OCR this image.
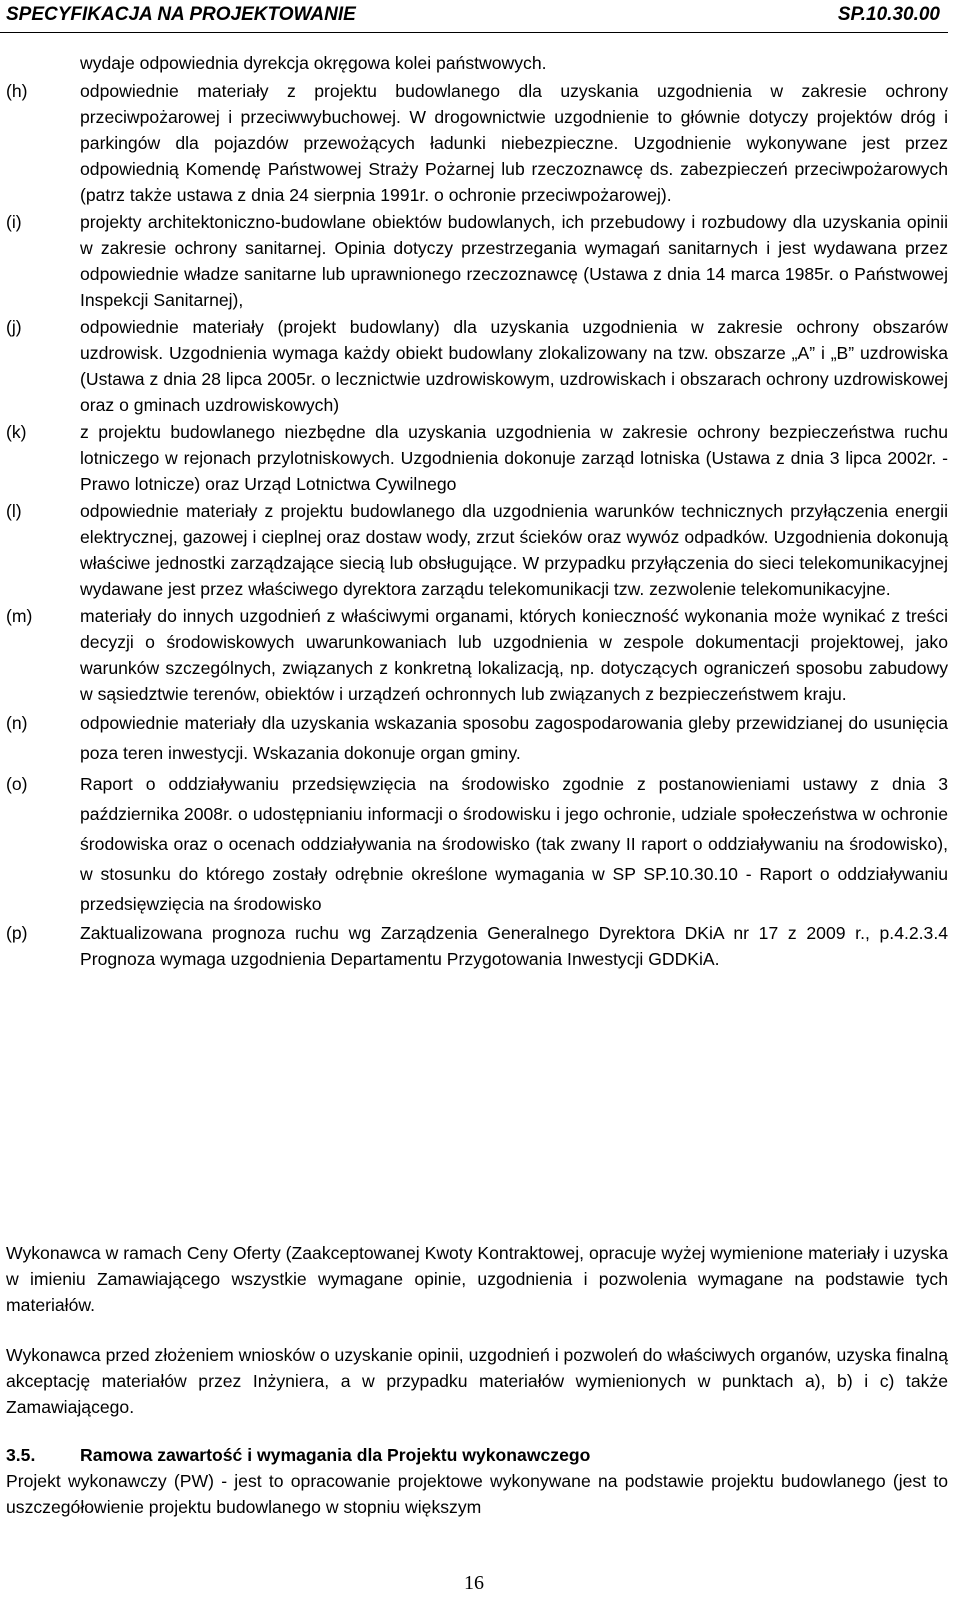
SPECYFIKACJA NA PROJEKTOWANIE	SP.10.30.00
wydaje odpowiednia dyrekcja okręgowa kolei państwowych.
(h)	odpowiednie materiały z projektu budowlanego dla uzyskania uzgodnienia w zakresie ochrony przeciwpożarowej i przeciwwybuchowej. W drogownictwie uzgodnienie to głównie dotyczy projektów dróg i parkingów dla pojazdów przewożących ładunki niebezpieczne. Uzgodnienie wykonywane jest przez odpowiednią Komendę Państwowej Straży Pożarnej lub rzeczoznawcę ds. zabezpieczeń przeciwpożarowych (patrz także ustawa z dnia 24 sierpnia 1991r. o ochronie przeciwpożarowej).
(i)	projekty architektoniczno-budowlane obiektów budowlanych, ich przebudowy i rozbudowy dla uzyskania opinii w zakresie ochrony sanitarnej. Opinia dotyczy przestrzegania wymagań sanitarnych i jest wydawana przez odpowiednie władze sanitarne lub uprawnionego rzeczoznawcę (Ustawa z dnia 14 marca 1985r. o Państwowej Inspekcji Sanitarnej),
(j)	odpowiednie materiały (projekt budowlany) dla uzyskania uzgodnienia w zakresie ochrony obszarów uzdrowisk. Uzgodnienia wymaga każdy obiekt budowlany zlokalizowany na tzw. obszarze „A” i „B” uzdrowiska (Ustawa z dnia 28 lipca 2005r. o lecznictwie uzdrowiskowym, uzdrowiskach i obszarach ochrony uzdrowiskowej oraz o gminach uzdrowiskowych)
(k)	z projektu budowlanego niezbędne dla uzyskania uzgodnienia w zakresie ochrony bezpieczeństwa ruchu lotniczego w rejonach przylotniskowych. Uzgodnienia dokonuje zarząd lotniska (Ustawa z dnia 3 lipca 2002r. - Prawo lotnicze) oraz Urząd Lotnictwa Cywilnego
(l)	odpowiednie materiały z projektu budowlanego dla uzgodnienia warunków technicznych przyłączenia energii elektrycznej, gazowej i cieplnej oraz dostaw wody, zrzut ścieków oraz wywóz odpadków. Uzgodnienia dokonują właściwe jednostki zarządzające siecią lub obsługujące. W przypadku przyłączenia do sieci telekomunikacyjnej wydawane jest przez właściwego dyrektora zarządu telekomunikacji tzw. zezwolenie telekomunikacyjne.
(m)	materiały do innych uzgodnień z właściwymi organami, których konieczność wykonania może wynikać z treści decyzji o środowiskowych uwarunkowaniach lub uzgodnienia w zespole dokumentacji projektowej, jako warunków szczególnych, związanych z konkretną lokalizacją, np. dotyczących ograniczeń sposobu zabudowy w sąsiedztwie terenów, obiektów i urządzeń ochronnych lub związanych z bezpieczeństwem kraju.
(n)	odpowiednie materiały dla uzyskania wskazania sposobu zagospodarowania gleby przewidzianej do usunięcia poza teren inwestycji. Wskazania dokonuje organ gminy.
(o)	Raport o oddziaływaniu przedsięwzięcia na środowisko zgodnie z postanowieniami ustawy z dnia 3 października 2008r. o udostępnianiu informacji o środowisku i jego ochronie, udziale społeczeństwa w ochronie środowiska oraz o ocenach oddziaływania na środowisko (tak zwany II raport o oddziaływaniu na środowisko), w stosunku do którego zostały odrębnie określone wymagania w SP SP.10.30.10 - Raport o oddziaływaniu przedsięwzięcia na środowisko
(p)	Zaktualizowana prognoza ruchu wg Zarządzenia Generalnego Dyrektora DKiA nr 17 z 2009 r., p.4.2.3.4 Prognoza wymaga uzgodnienia Departamentu Przygotowania Inwestycji GDDKiA.

Wykonawca w ramach Ceny Oferty (Zaakceptowanej Kwoty Kontraktowej, opracuje wyżej wymienione materiały i uzyska w imieniu Zamawiającego wszystkie wymagane opinie, uzgodnienia i pozwolenia wymagane na podstawie tych materiałów.

Wykonawca przed złożeniem wniosków o uzyskanie opinii, uzgodnień i pozwoleń do właściwych organów, uzyska finalną akceptację materiałów przez Inżyniera, a w przypadku materiałów wymienionych w punktach a), b) i c) także Zamawiającego.

3.5.	Ramowa zawartość i wymagania dla Projektu wykonawczego

Projekt wykonawczy (PW) - jest to opracowanie projektowe wykonywane na podstawie projektu budowlanego (jest to uszczegółowienie projektu budowlanego w stopniu większym

16
